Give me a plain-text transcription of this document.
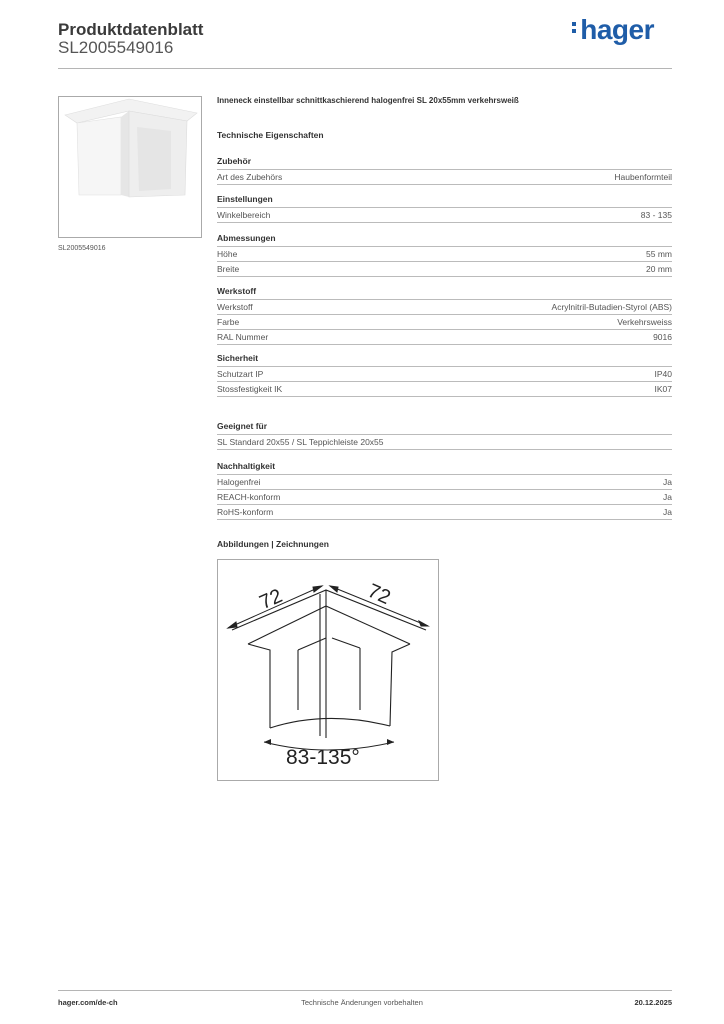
Produktdatenblatt
SL2005549016
hager
SL2005549016
Inneneck einstellbar schnittkaschierend halogenfrei SL 20x55mm verkehrsweiß
Technische Eigenschaften
Zubehör
Art des Zubehörs	Haubenformteil
Einstellungen
Winkelbereich	83 - 135
Abmessungen
Höhe	55 mm
Breite	20 mm
Werkstoff
Werkstoff	Acrylnitril-Butadien-Styrol (ABS)
Farbe	Verkehrsweiss
RAL Nummer	9016
Sicherheit
Schutzart IP	IP40
Stossfestigkeit IK	IK07
Geeignet für
SL Standard 20x55 / SL Teppichleiste 20x55
Nachhaltigkeit
Halogenfrei	Ja
REACH-konform	Ja
RoHS-konform	Ja
Abbildungen | Zeichnungen
72	72
83-135°
hager.com/de-ch	Technische Änderungen vorbehalten	20.12.2025
